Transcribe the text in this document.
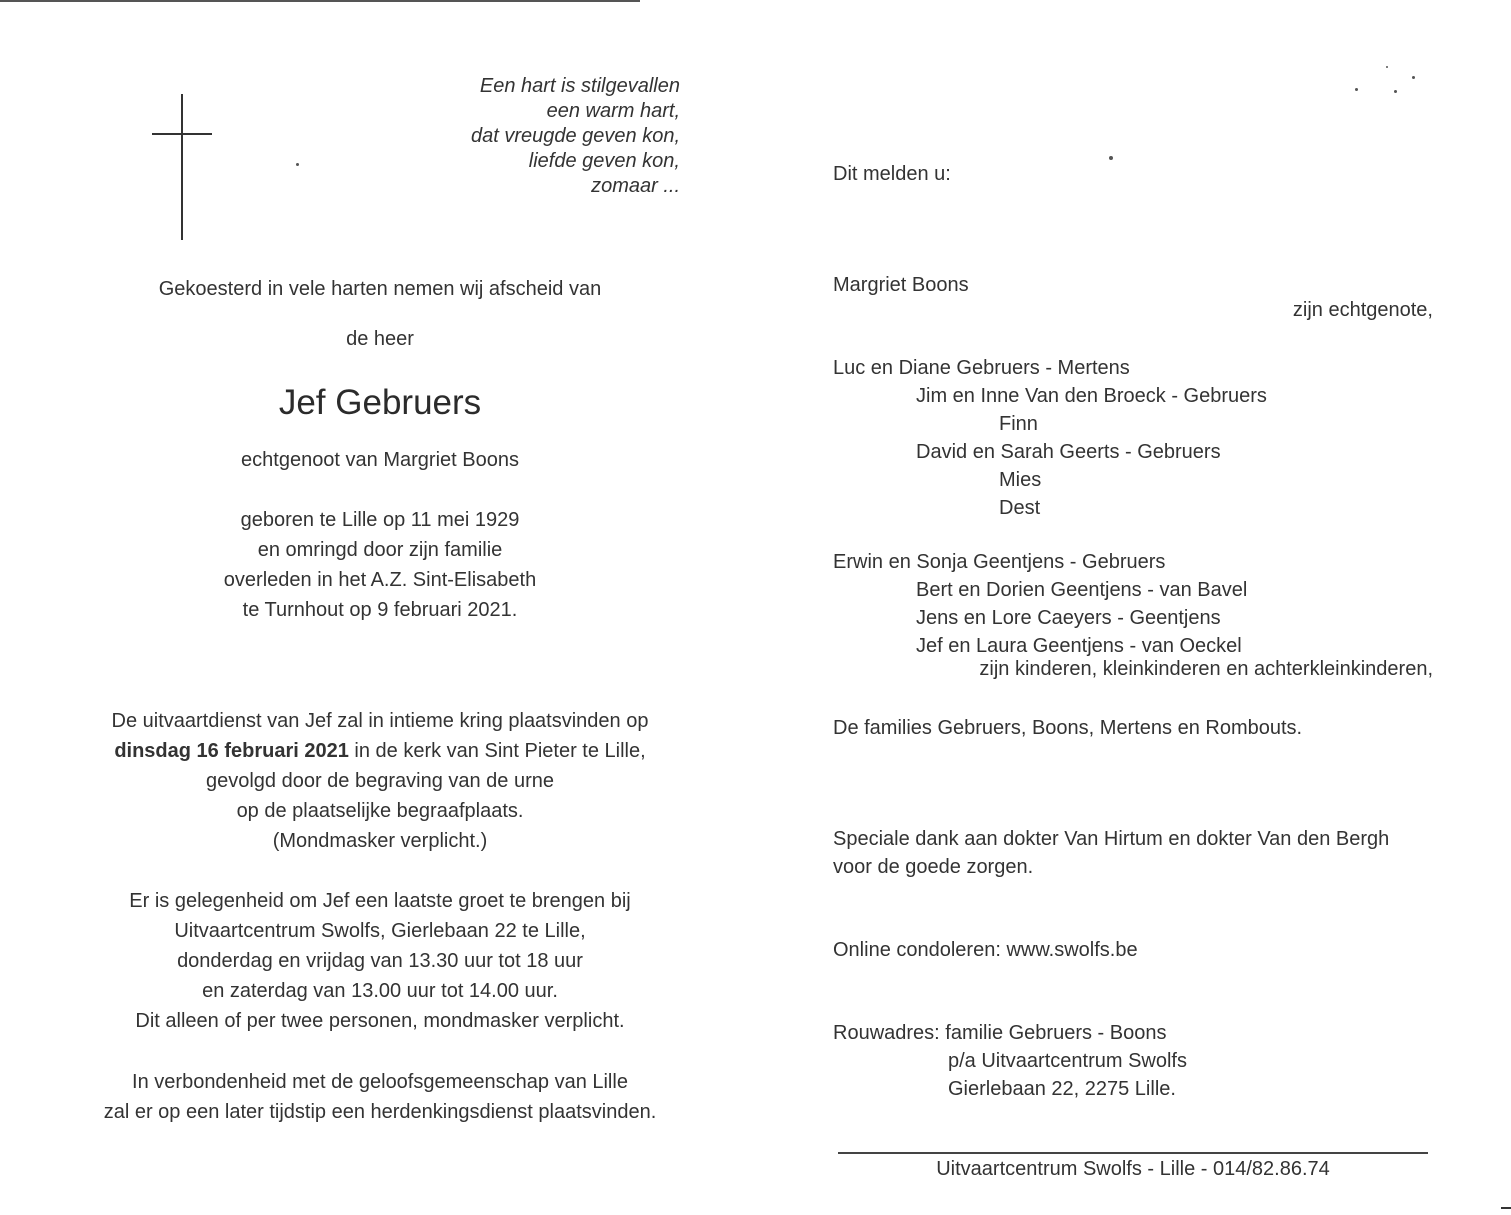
Een hart is stilgevallen
een warm hart,
dat vreugde geven kon,
liefde geven kon,
zomaar ...
Gekoesterd in vele harten nemen wij afscheid van
de heer
Jef Gebruers
echtgenoot van Margriet Boons
geboren te Lille op 11 mei 1929
en omringd door zijn familie
overleden in het A.Z. Sint-Elisabeth
te Turnhout op 9 februari 2021.
De uitvaartdienst van Jef zal in intieme kring plaatsvinden op
dinsdag 16 februari 2021 in de kerk van Sint Pieter te Lille,
gevolgd door de begraving van de urne
op de plaatselijke begraafplaats.
(Mondmasker verplicht.)
Er is gelegenheid om Jef een laatste groet te brengen bij
Uitvaartcentrum Swolfs, Gierlebaan 22 te Lille,
donderdag en vrijdag van 13.30 uur tot 18 uur
en zaterdag van 13.00 uur tot 14.00 uur.
Dit alleen of per twee personen, mondmasker verplicht.
In verbondenheid met de geloofsgemeenschap van Lille
zal er op een later tijdstip een herdenkingsdienst plaatsvinden.
Dit melden u:
Margriet Boons
zijn echtgenote,
Luc en Diane Gebruers - Mertens
Jim en Inne Van den Broeck - Gebruers
Finn
David en Sarah Geerts - Gebruers
Mies
Dest
Erwin en Sonja Geentjens - Gebruers
Bert en Dorien Geentjens - van Bavel
Jens en Lore Caeyers - Geentjens
Jef en Laura Geentjens - van Oeckel
zijn kinderen, kleinkinderen en achterkleinkinderen,
De families Gebruers, Boons, Mertens en Rombouts.
Speciale dank aan dokter Van Hirtum en dokter Van den Bergh
voor de goede zorgen.
Online condoleren: www.swolfs.be
Rouwadres: familie Gebruers - Boons
p/a Uitvaartcentrum Swolfs
Gierlebaan 22, 2275 Lille.
Uitvaartcentrum Swolfs - Lille - 014/82.86.74
